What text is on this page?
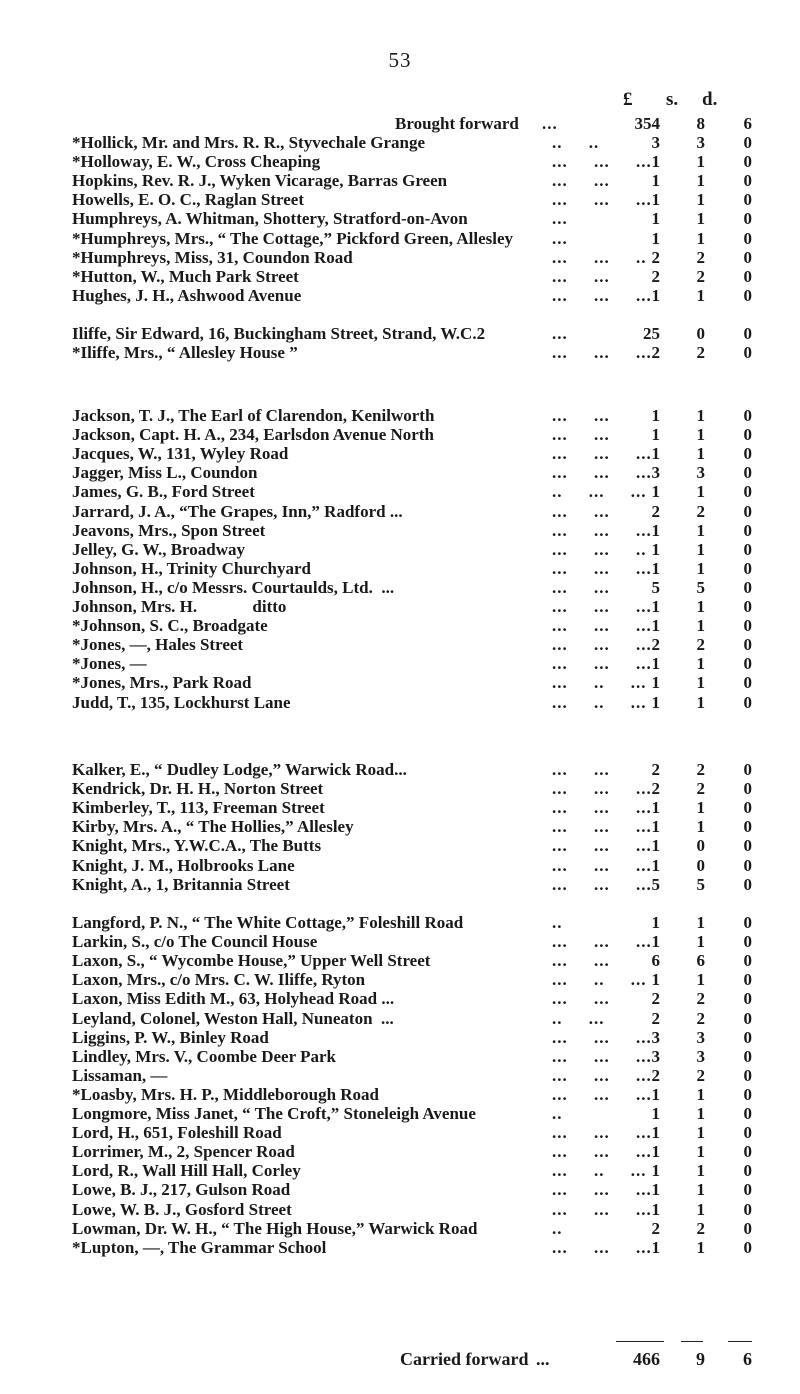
53
£ s. d.
Brought forward ...	354	8	6
*Hollick, Mr. and Mrs. R. R., Styvechale Grange	..     ..	3	3	0
*Holloway, E. W., Cross Cheaping	...     ...     ... 1	1	0
Hopkins, Rev. R. J., Wyken Vicarage, Barras Green	...     ...	1	1	0
Howells, E. O. C., Raglan Street	...     ...     ... 1	1	0
Humphreys, A. Whitman, Shottery, Stratford-on-Avon	...	1	1	0
*Humphreys, Mrs., “ The Cottage,” Pickford Green, Allesley ...	1	1	0
*Humphreys, Miss, 31, Coundon Road	...     ...     .. 2	2	0
*Hutton, W., Much Park Street	...     ...	2	2	0
Hughes, J. H., Ashwood Avenue	...     ...     ... 1	1	0
Iliffe, Sir Edward, 16, Buckingham Street, Strand, W.C.2	...	25	0	0
*Iliffe, Mrs., “ Allesley House ”	...     ...     ... 2	2	0
Jackson, T. J., The Earl of Clarendon, Kenilworth	...     ...	1	1	0
Jackson, Capt. H. A., 234, Earlsdon Avenue North	...     ...	1	1	0
Jacques, W., 131, Wyley Road	...     ...     ... 1	1	0
Jagger, Miss L., Coundon	...     ...     ... 3	3	0
James, G. B., Ford Street	..     ...     ... 1	1	0
Jarrard, J. A., “The Grapes, Inn,” Radford ...	...     ...	2	2	0
Jeavons, Mrs., Spon Street	...     ...     ... 1	1	0
Jelley, G. W., Broadway	...     ...     .. 1	1	0
Johnson, H., Trinity Churchyard	...     ...     ... 1	1	0
Johnson, H., c/o Messrs. Courtaulds, Ltd.  ...	...     ...	5	5	0
Johnson, Mrs. H.             ditto	...     ...     ... 1	1	0
*Johnson, S. C., Broadgate	...     ...     ... 1	1	0
*Jones, —, Hales Street	...     ...     ... 2	2	0
*Jones, —	...     ...     ... 1	1	0
*Jones, Mrs., Park Road	...     ..     ... 1	1	0
Judd, T., 135, Lockhurst Lane	...     ..     ... 1	1	0
Kalker, E., “ Dudley Lodge,” Warwick Road...	...     ...	2	2	0
Kendrick, Dr. H. H., Norton Street	...     ...     ... 2	2	0
Kimberley, T., 113, Freeman Street	...     ...     ... 1	1	0
Kirby, Mrs. A., “ The Hollies,” Allesley	...     ...     ... 1	1	0
Knight, Mrs., Y.W.C.A., The Butts	...     ...     ... 1	0	0
Knight, J. M., Holbrooks Lane	...     ...     ... 1	0	0
Knight, A., 1, Britannia Street	...     ...     ... 5	5	0
Langford, P. N., “ The White Cottage,” Foleshill Road	..	1	1	0
Larkin, S., c/o The Council House	...     ...     ... 1	1	0
Laxon, S., “ Wycombe House,” Upper Well Street	...     ...	6	6	0
Laxon, Mrs., c/o Mrs. C. W. Iliffe, Ryton	...     ..     ... 1	1	0
Laxon, Miss Edith M., 63, Holyhead Road ...	...     ...	2	2	0
Leyland, Colonel, Weston Hall, Nuneaton  ...	..     ...	2	2	0
Liggins, P. W., Binley Road	...     ...     ... 3	3	0
Lindley, Mrs. V., Coombe Deer Park	...     ...     ... 3	3	0
Lissaman, —	...     ...     ... 2	2	0
*Loasby, Mrs. H. P., Middleborough Road	...     ...     ... 1	1	0
Longmore, Miss Janet, “ The Croft,” Stoneleigh Avenue	..	1	1	0
Lord, H., 651, Foleshill Road	...     ...     ... 1	1	0
Lorrimer, M., 2, Spencer Road	...     ...     ... 1	1	0
Lord, R., Wall Hill Hall, Corley	...     ..     ... 1	1	0
Lowe, B. J., 217, Gulson Road	...     ...     ... 1	1	0
Lowe, W. B. J., Gosford Street	...     ...     ... 1	1	0
Lowman, Dr. W. H., “ The High House,” Warwick Road	..	2	2	0
*Lupton, —, The Grammar School	...     ...     ... 1	1	0
Carried forward ...	466	9	6
